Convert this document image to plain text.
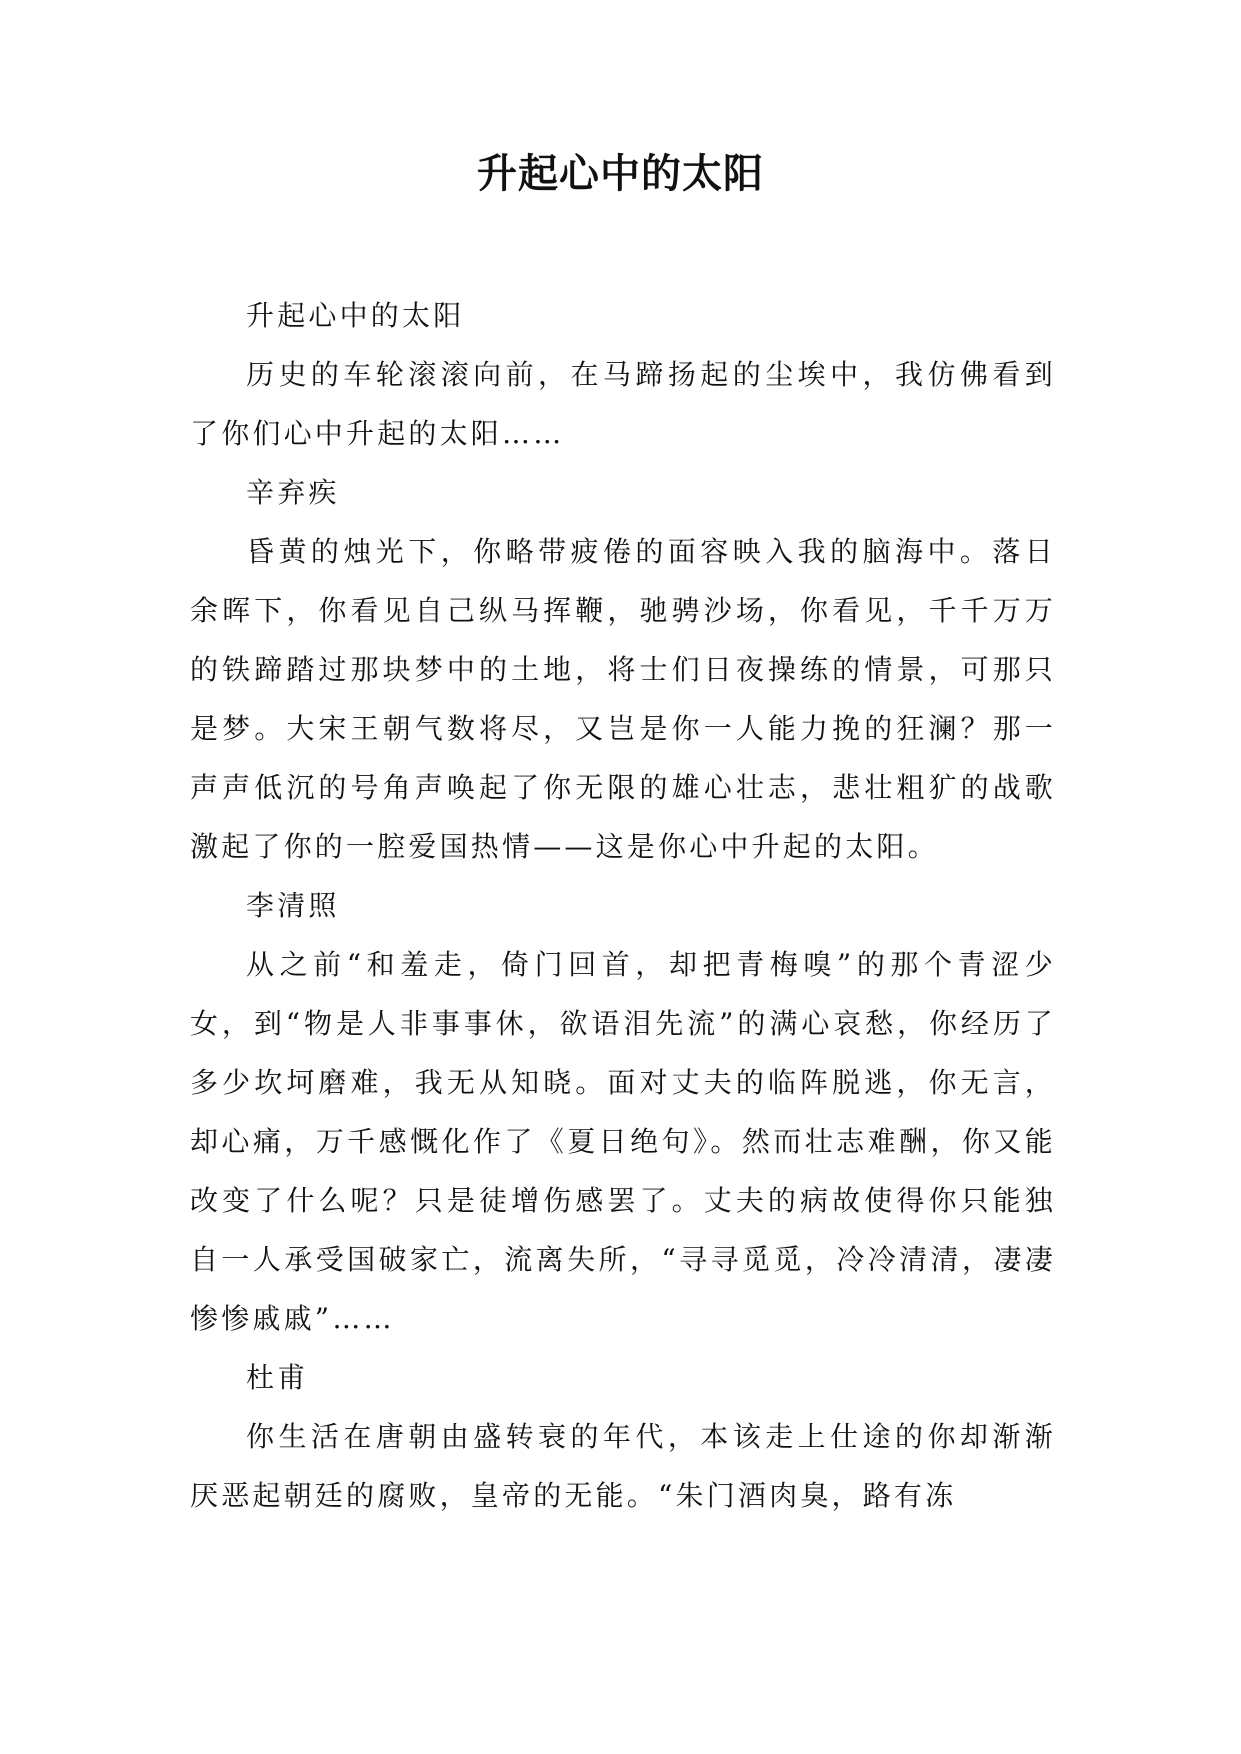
升起心中的太阳

升起心中的太阳

历史的车轮滚滚向前，在马蹄扬起的尘埃中，我仿佛看到了你们心中升起的太阳……

辛弃疾

昏黄的烛光下，你略带疲倦的面容映入我的脑海中。落日余晖下，你看见自己纵马挥鞭，驰骋沙场，你看见，千千万万的铁蹄踏过那块梦中的土地，将士们日夜操练的情景，可那只是梦。大宋王朝气数将尽，又岂是你一人能力挽的狂澜？那一声声低沉的号角声唤起了你无限的雄心壮志，悲壮粗犷的战歌激起了你的一腔爱国热情——这是你心中升起的太阳。

李清照

从之前“和羞走，倚门回首，却把青梅嗅”的那个青涩少女，到“物是人非事事休，欲语泪先流”的满心哀愁，你经历了多少坎坷磨难，我无从知晓。面对丈夫的临阵脱逃，你无言，却心痛，万千感慨化作了《夏日绝句》。然而壮志难酬，你又能改变了什么呢？只是徒增伤感罢了。丈夫的病故使得你只能独自一人承受国破家亡，流离失所，“寻寻觅觅，冷冷清清，凄凄惨惨戚戚”……

杜甫

你生活在唐朝由盛转衰的年代，本该走上仕途的你却渐渐厌恶起朝廷的腐败，皇帝的无能。“朱门酒肉臭，路有冻
